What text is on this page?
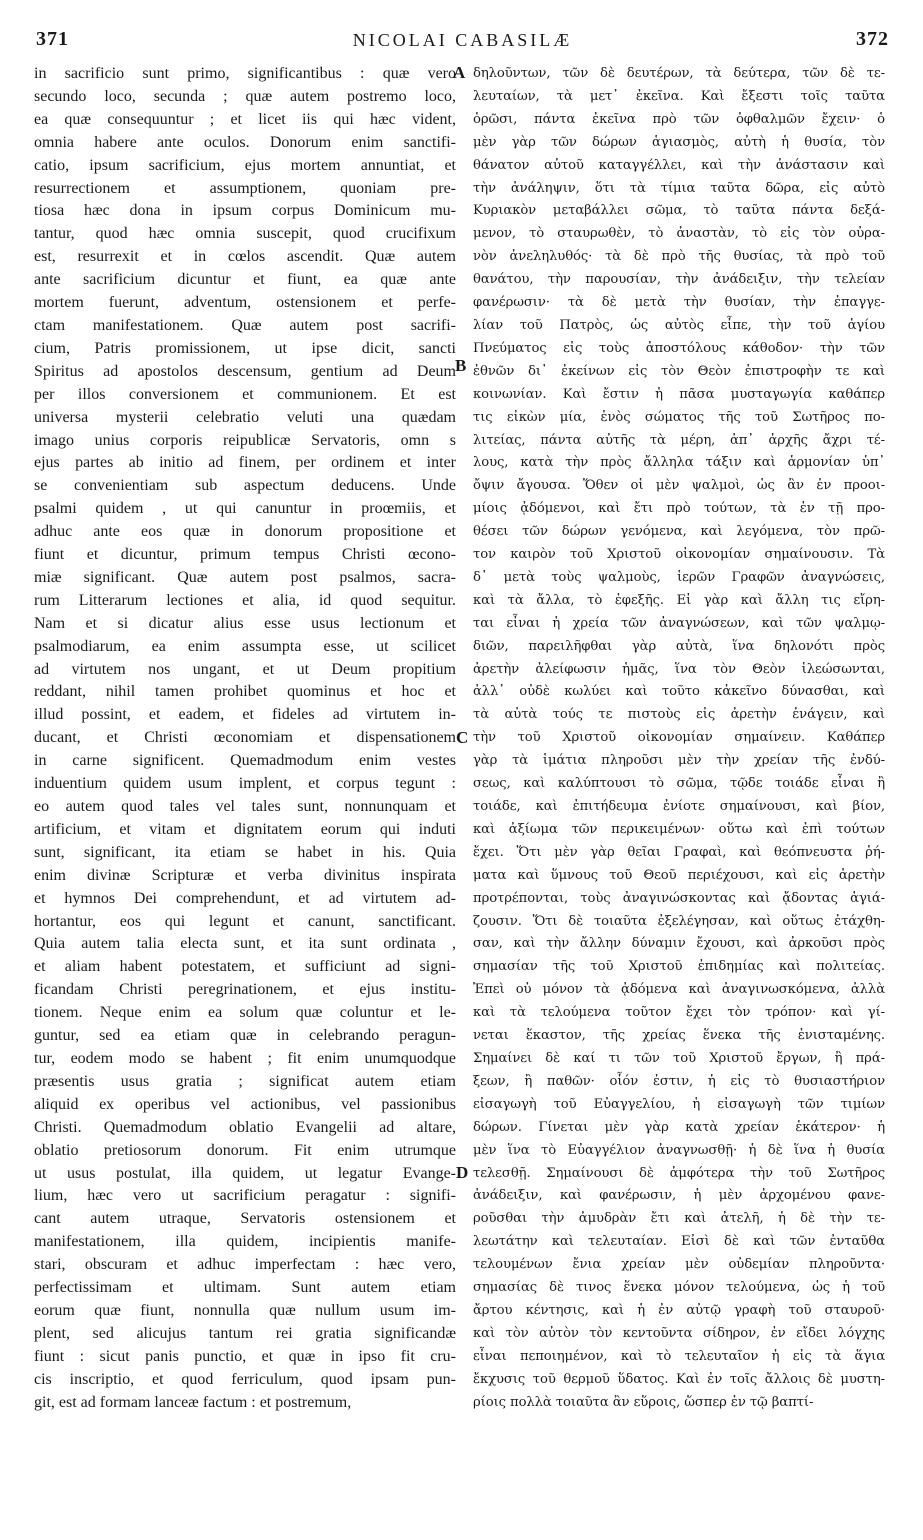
371	NICOLAI CABASILÆ	372
in sacrificio sunt primo, significantibus : quæ vero
secundo loco, secunda ; quæ autem postremo loco,
ea quæ consequuntur ; et licet iis qui hæc vident,
omnia habere ante oculos. Donorum enim sanctifi-
catio, ipsum sacrificium, ejus mortem annuntiat, et
resurrectionem et assumptionem, quoniam pre-
tiosa hæc dona in ipsum corpus Dominicum mu-
tantur, quod hæc omnia suscepit, quod crucifixum
est, resurrexit et in cœlos ascendit. Quæ autem
ante sacrificium dicuntur et fiunt, ea quæ ante
mortem fuerunt, adventum, ostensionem et perfe-
ctam manifestationem. Quæ autem post sacrifi-
cium, Patris promissionem, ut ipse dicit, sancti
Spiritus ad apostolos descensum, gentium ad Deum
per illos conversionem et communionem. Et est
universa mysterii celebratio veluti una quædam
imago unius corporis reipublicæ Servatoris, omn s
ejus partes ab initio ad finem, per ordinem et inter
se convenientiam sub aspectum deducens. Unde
psalmi quidem , ut qui canuntur in proœmiis, et
adhuc ante eos quæ in donorum propositione et
fiunt et dicuntur, primum tempus Christi œcono-
miæ significant. Quæ autem post psalmos, sacra-
rum Litterarum lectiones et alia, id quod sequitur.
Nam et si dicatur alius esse usus lectionum et
psalmodiarum, ea enim assumpta esse, ut scilicet
ad virtutem nos ungant, et ut Deum propitium
reddant, nihil tamen prohibet quominus et hoc et
illud possint, et eadem, et fideles ad virtutem in-
ducant, et Christi œconomiam et dispensationem
in carne significent. Quemadmodum enim vestes
induentium quidem usum implent, et corpus tegunt :
eo autem quod tales vel tales sunt, nonnunquam et
artificium, et vitam et dignitatem eorum qui induti
sunt, significant, ita etiam se habet in his. Quia
enim divinæ Scripturæ et verba divinitus inspirata
et hymnos Dei comprehendunt, et ad virtutem ad-
hortantur, eos qui legunt et canunt, sanctificant.
Quia autem talia electa sunt, et ita sunt ordinata ,
et aliam habent potestatem, et sufficiunt ad signi-
ficandam Christi peregrinationem, et ejus institu-
tionem. Neque enim ea solum quæ coluntur et le-
guntur, sed ea etiam quæ in celebrando peragun-
tur, eodem modo se habent ; fit enim unumquodque
præsentis usus gratia ; significat autem etiam
aliquid ex operibus vel actionibus, vel passionibus
Christi. Quemadmodum oblatio Evangelii ad altare,
oblatio pretiosorum donorum. Fit enim utrumque
ut usus postulat, illa quidem, ut legatur Evange-
lium, hæc vero ut sacrificium peragatur : signifi-
cant autem utraque, Servatoris ostensionem et
manifestationem, illa quidem, incipientis manife-
stari, obscuram et adhuc imperfectam : hæc vero,
perfectissimam et ultimam. Sunt autem etiam
eorum quæ fiunt, nonnulla quæ nullum usum im-
plent, sed alicujus tantum rei gratia significandæ
fiunt : sicut panis punctio, et quæ in ipso fit cru-
cis inscriptio, et quod ferriculum, quod ipsam pun-
git, est ad formam lanceæ factum : et postremum,
δηλοῦντων, τῶν δὲ δευτέρων, τὰ δεύτερα, τῶν δὲ τε-
λευταίων, τὰ μετ᾽ ἐκεῖνα. Καὶ ἔξεστι τοῖς ταῦτα
ὁρῶσι, πάντα ἐκεῖνα πρὸ τῶν ὀφθαλμῶν ἔχειν· ὁ
μὲν γὰρ τῶν δώρων ἁγιασμὸς, αὐτὴ ἡ θυσία, τὸν
θάνατον αὐτοῦ καταγγέλλει, καὶ τὴν ἀνάστασιν καὶ
τὴν ἀνάληψιν, ὅτι τὰ τίμια ταῦτα δῶρα, εἰς αὐτὸ
Κυριακὸν μεταβάλλει σῶμα, τὸ ταῦτα πάντα δεξά-
μενον, τὸ σταυρωθὲν, τὸ ἀναστὰν, τὸ εἰς τὸν οὐρα-
νὸν ἀνεληλυθός· τὰ δὲ πρὸ τῆς θυσίας, τὰ πρὸ τοῦ
θανάτου, τὴν παρουσίαν, τὴν ἀνάδειξιν, τὴν τελείαν
φανέρωσιν· τὰ δὲ μετὰ τὴν θυσίαν, τὴν ἐπαγγε-
λίαν τοῦ Πατρὸς, ὡς αὐτὸς εἶπε, τὴν τοῦ ἁγίου
Πνεύματος εἰς τοὺς ἀποστόλους κάθοδον· τὴν τῶν
ἐθνῶν δι᾽ ἐκείνων εἰς τὸν Θεὸν ἐπιστροφὴν τε καὶ
κοινωνίαν. Καὶ ἔστιν ἡ πᾶσα μυσταγωγία καθάπερ
τις εἰκὼν μία, ἑνὸς σώματος τῆς τοῦ Σωτῆρος πο-
λιτείας, πάντα αὐτῆς τὰ μέρη, ἀπ᾽ ἀρχῆς ἄχρι τέ-
λους, κατὰ τὴν πρὸς ἄλληλα τάξιν καὶ ἁρμονίαν ὑπ᾽
ὄψιν ἄγουσα. Ὅθεν οἱ μὲν ψαλμοὶ, ὡς ἂν ἐν προοι-
μίοις ᾀδόμενοι, καὶ ἔτι πρὸ τούτων, τὰ ἐν τῇ προ-
θέσει τῶν δώρων γενόμενα, καὶ λεγόμενα, τὸν πρῶ-
τον καιρὸν τοῦ Χριστοῦ οἰκονομίαν σημαίνουσιν. Τὰ
δ᾽ μετὰ τοὺς ψαλμοὺς, ἱερῶν Γραφῶν ἀναγνώσεις,
καὶ τὰ ἄλλα, τὸ ἐφεξῆς. Εἰ γὰρ καὶ ἄλλη τις εἴρη-
ται εἶναι ἡ χρεία τῶν ἀναγνώσεων, καὶ τῶν ψαλμῳ-
διῶν, παρειλῆφθαι γὰρ αὐτὰ, ἵνα δηλονότι πρὸς
ἀρετὴν ἀλείφωσιν ἡμᾶς, ἵνα τὸν Θεὸν ἱλεώσωνται,
ἀλλ᾽ οὐδὲ κωλύει καὶ τοῦτο κἀκεῖνο δύνασθαι, καὶ
τὰ αὐτὰ τούς τε πιστοὺς εἰς ἀρετὴν ἐνάγειν, καὶ
τὴν τοῦ Χριστοῦ οἰκονομίαν σημαίνειν. Καθάπερ
γὰρ τὰ ἱμάτια πληροῦσι μὲν τὴν χρείαν τῆς ἐνδύ-
σεως, καὶ καλύπτουσι τὸ σῶμα, τῷδε τοιάδε εἶναι ἢ
τοιάδε, καὶ ἐπιτήδευμα ἐνίοτε σημαίνουσι, καὶ βίον,
καὶ ἀξίωμα τῶν περικειμένων· οὕτω καὶ ἐπὶ τούτων
ἔχει. Ὅτι μὲν γὰρ θεῖαι Γραφαὶ, καὶ θεόπνευστα ῥή-
ματα καὶ ὕμνους τοῦ Θεοῦ περιέχουσι, καὶ εἰς ἀρετὴν
προτρέπονται, τοὺς ἀναγινώσκοντας καὶ ᾄδοντας ἁγιά-
ζουσιν. Ὅτι δὲ τοιαῦτα ἐξελέγησαν, καὶ οὕτως ἐτάχθη-
σαν, καὶ τὴν ἄλλην δύναμιν ἔχουσι, καὶ ἀρκοῦσι πρὸς
σημασίαν τῆς τοῦ Χριστοῦ ἐπιδημίας καὶ πολιτείας.
Ἐπεὶ οὐ μόνον τὰ ᾀδόμενα καὶ ἀναγινωσκόμενα, ἀλλὰ
καὶ τὰ τελούμενα τοῦτον ἔχει τὸν τρόπον· καὶ γί-
νεται ἕκαστον, τῆς χρείας ἕνεκα τῆς ἐνισταμένης.
Σημαίνει δὲ καί τι τῶν τοῦ Χριστοῦ ἔργων, ἢ πρά-
ξεων, ἢ παθῶν· οἷόν ἐστιν, ἡ εἰς τὸ θυσιαστήριον
εἰσαγωγὴ τοῦ Εὐαγγελίου, ἡ εἰσαγωγὴ τῶν τιμίων
δώρων. Γίνεται μὲν γὰρ κατὰ χρείαν ἑκάτερον· ἡ
μὲν ἵνα τὸ Εὐαγγέλιον ἀναγνωσθῇ· ἡ δὲ ἵνα ἡ θυσία
τελεσθῇ. Σημαίνουσι δὲ ἀμφότερα τὴν τοῦ Σωτῆρος
ἀνάδειξιν, καὶ φανέρωσιν, ἡ μὲν ἀρχομένου φανε-
ροῦσθαι τὴν ἀμυδρὰν ἔτι καὶ ἀτελῆ, ἡ δὲ τὴν τε-
λεωτάτην καὶ τελευταίαν. Εἰσὶ δὲ καὶ τῶν ἐνταῦθα
τελουμένων ἔνια χρείαν μὲν οὐδεμίαν πληροῦντα·
σημασίας δὲ τινος ἕνεκα μόνον τελούμενα, ὡς ἡ τοῦ
ἄρτου κέντησις, καὶ ἡ ἐν αὐτῷ γραφὴ τοῦ σταυροῦ·
καὶ τὸν αὐτὸν τὸν κεντοῦντα σίδηρον, ἐν εἴδει λόγχης
εἶναι πεποιημένον, καὶ τὸ τελευταῖον ἡ εἰς τὰ ἅγια
ἔκχυσις τοῦ θερμοῦ ὕδατος. Καὶ ἐν τοῖς ἄλλοις δὲ μυστη-
ρίοις πολλὰ τοιαῦτα ἂν εὕροις, ὥσπερ ἐν τῷ βαπτί-
A
B
C
D
